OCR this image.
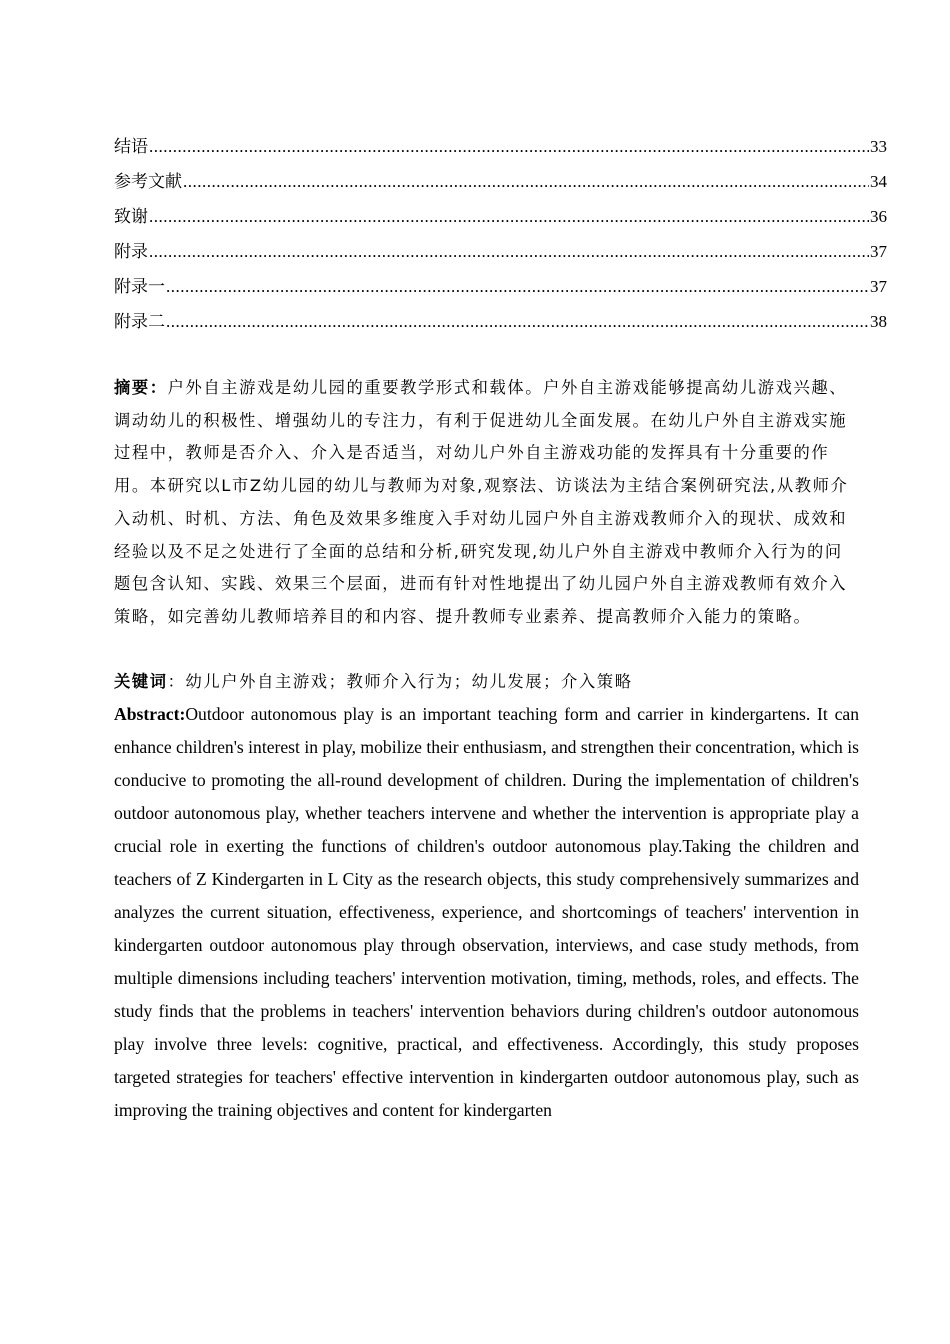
结语 .....	33
参考文献 .....	34
致谢 .....	36
附录 .....	37
附录一 .....	37
附录二 .....	38

摘要：户外自主游戏是幼儿园的重要教学形式和载体。户外自主游戏能够提高幼儿游戏兴趣、调动幼儿的积极性、增强幼儿的专注力，有利于促进幼儿全面发展。在幼儿户外自主游戏实施过程中，教师是否介入、介入是否适当，对幼儿户外自主游戏功能的发挥具有十分重要的作用。本研究以L市Z幼儿园的幼儿与教师为对象,观察法、访谈法为主结合案例研究法,从教师介入动机、时机、方法、角色及效果多维度入手对幼儿园户外自主游戏教师介入的现状、成效和经验以及不足之处进行了全面的总结和分析,研究发现,幼儿户外自主游戏中教师介入行为的问题包含认知、实践、效果三个层面，进而有针对性地提出了幼儿园户外自主游戏教师有效介入策略，如完善幼儿教师培养目的和内容、提升教师专业素养、提高教师介入能力的策略。

关键词：幼儿户外自主游戏；教师介入行为；幼儿发展；介入策略

Abstract:Outdoor autonomous play is an important teaching form and carrier in kindergartens. It can enhance children's interest in play, mobilize their enthusiasm, and strengthen their concentration, which is conducive to promoting the all-round development of children. During the implementation of children's outdoor autonomous play, whether teachers intervene and whether the intervention is appropriate play a crucial role in exerting the functions of children's outdoor autonomous play.Taking the children and teachers of Z Kindergarten in L City as the research objects, this study comprehensively summarizes and analyzes the current situation, effectiveness, experience, and shortcomings of teachers' intervention in kindergarten outdoor autonomous play through observation, interviews, and case study methods, from multiple dimensions including teachers' intervention motivation, timing, methods, roles, and effects. The study finds that the problems in teachers' intervention behaviors during children's outdoor autonomous play involve three levels: cognitive, practical, and effectiveness. Accordingly, this study proposes targeted strategies for teachers' effective intervention in kindergarten outdoor autonomous play, such as improving the training objectives and content for kindergarten
